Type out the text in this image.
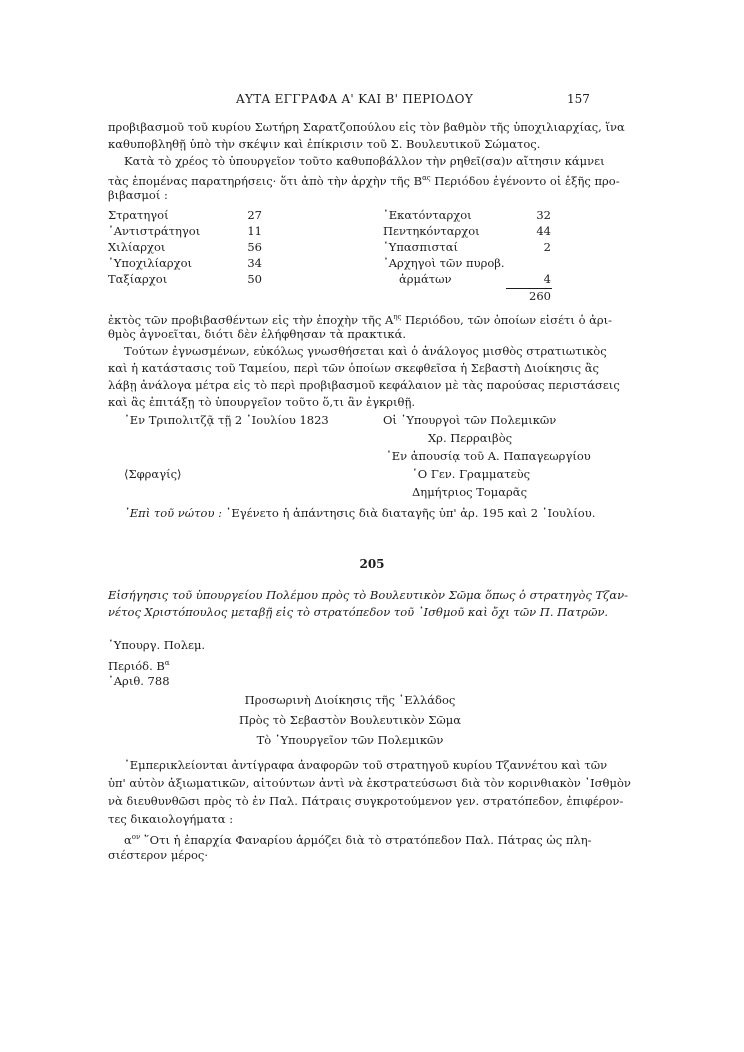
ΑΥΤΑ ΕΓΓΡΑΦΑ Α' ΚΑΙ Β' ΠΕΡΙΟΔΟΥ	157
προβιβασμοῦ τοῦ κυρίου Σωτήρη Σαρατζοπούλου εἰς τὸν βαθμὸν τῆς ὑποχιλιαρχίας, ἵνα
καθυποβληθῇ ὑπὸ τὴν σκέψιν καὶ ἐπίκρισιν τοῦ Σ. Βουλευτικοῦ Σώματος.
Κατὰ τὸ χρέος τὸ ὑπουργεῖον τοῦτο καθυποβάλλον τὴν ρηθεῖ(σα)ν αἴτησιν κάμνει
τὰς ἑπομένας παρατηρήσεις· ὅτι ἀπὸ τὴν ἀρχὴν τῆς $B^{\alpha\varsigma}$ Περιόδου ἐγένοντο οἱ ἑξῆς προ-
βιβασμοί :
Στρατηγοί	27
᾿Αντιστράτηγοι	11
Χιλίαρχοι	56
῾Υποχιλίαρχοι	34
Ταξίαρχοι	50
῾Εκατόνταρχοι	32
Πεντηκόνταρχοι	44
῾Υπασπισταί	2
᾿Αρχηγοὶ τῶν πυροβ.
ἁρμάτων	4
260
ἐκτὸς τῶν προβιβασθέντων εἰς τὴν ἐποχὴν τῆς $A^{\eta\varsigma}$ Περιόδου, τῶν ὁποίων εἰσέτι ὁ ἀρι-
θμὸς ἀγνοεῖται, διότι δὲν ἐλήφθησαν τὰ πρακτικά.
Τούτων ἐγνωσμένων, εὐκόλως γνωσθήσεται καὶ ὁ ἀνάλογος μισθὸς στρατιωτικὸς
καὶ ἡ κατάστασις τοῦ Ταμείου, περὶ τῶν ὁποίων σκεφθεῖσα ἡ Σεβαστὴ Διοίκησις ἂς
λάβῃ ἀνάλογα μέτρα εἰς τὸ περὶ προβιβασμοῦ κεφάλαιον μὲ τὰς παρούσας περιστάσεις
καὶ ἂς ἐπιτάξῃ τὸ ὑπουργεῖον τοῦτο ὅ,τι ἂν ἐγκριθῇ.
᾿Εν Τριπολιτζᾷ τῇ 2 ᾿Ιουλίου 1823	Οἱ ῾Υπουργοὶ τῶν Πολεμικῶν
Χρ. Περραιβὸς
᾿Εν ἀπουσίᾳ τοῦ Α. Παπαγεωργίου
⟨Σφραγίς⟩	῾Ο Γεν. Γραμματεὺς
Δημήτριος Τομαρᾶς
᾿Επὶ τοῦ νώτου : ᾿Εγένετο ἡ ἀπάντησις διὰ διαταγῆς ὑπ' ἀρ. 195 καὶ 2 ᾿Ιουλίου.
205
Εἰσήγησις τοῦ ὑπουργείου Πολέμου πρὸς τὸ Βουλευτικὸν Σῶμα ὅπως ὁ στρατηγὸς Τζαν-
νέτος Χριστόπουλος μεταβῇ εἰς τὸ στρατόπεδον τοῦ ᾿Ισθμοῦ καὶ ὄχι τῶν Π. Πατρῶν.
῾Υπουργ. Πολεμ.
Περιόδ. $B^\alpha$
᾿Αριθ. 788
Προσωρινὴ Διοίκησις τῆς ῾Ελλάδος
Πρὸς τὸ Σεβαστὸν Βουλευτικὸν Σῶμα
Τὸ ῾Υπουργεῖον τῶν Πολεμικῶν
᾿Εμπερικλείονται ἀντίγραφα ἀναφορῶν τοῦ στρατηγοῦ κυρίου Τζαννέτου καὶ τῶν
ὑπ' αὐτὸν ἀξιωματικῶν, αἰτούντων ἀντὶ νὰ ἐκστρατεύσωσι διὰ τὸν κορινθιακὸν ᾿Ισθμὸν
νὰ διευθυνθῶσι πρὸς τὸ ἐν Παλ. Πάτραις συγκροτούμενον γεν. στρατόπεδον, ἐπιφέρον-
τες δικαιολογήματα :
$\alpha^{o\nu}$ ῞Οτι ἡ ἐπαρχία Φαναρίου ἁρμόζει διὰ τὸ στρατόπεδον Παλ. Πάτρας ὡς πλη-
σιέστερον μέρος·
